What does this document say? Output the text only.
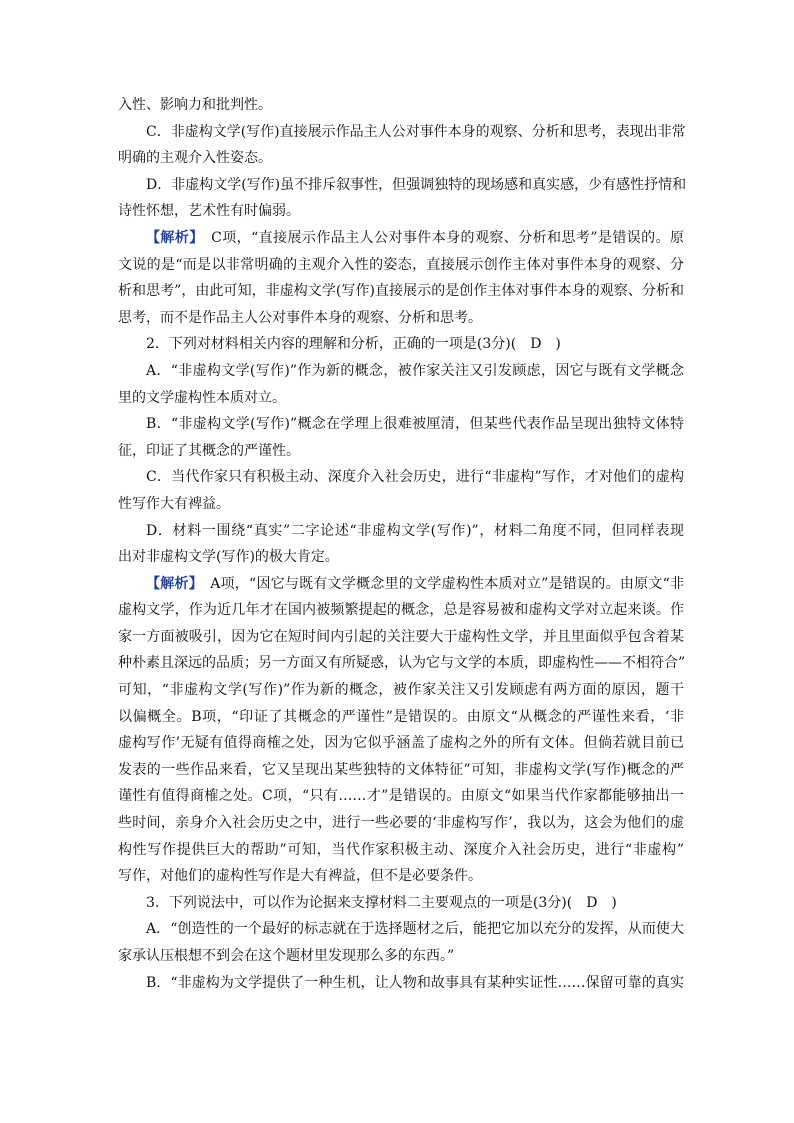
入性、影响力和批判性。
C．非虚构文学(写作)直接展示作品主人公对事件本身的观察、分析和思考，表现出非常
明确的主观介入性姿态。
D．非虚构文学(写作)虽不排斥叙事性，但强调独特的现场感和真实感，少有感性抒情和
诗性怀想，艺术性有时偏弱。
【解析】　C项，“直接展示作品主人公对事件本身的观察、分析和思考”是错误的。原
文说的是“而是以非常明确的主观介入性的姿态，直接展示创作主体对事件本身的观察、分
析和思考”，由此可知，非虚构文学(写作)直接展示的是创作主体对事件本身的观察、分析和
思考，而不是作品主人公对事件本身的观察、分析和思考。
2．下列对材料相关内容的理解和分析，正确的一项是(3分)(　D　)
A．“非虚构文学(写作)”作为新的概念，被作家关注又引发顾虑，因它与既有文学概念
里的文学虚构性本质对立。
B．“非虚构文学(写作)”概念在学理上很难被厘清，但某些代表作品呈现出独特文体特
征，印证了其概念的严谨性。
C．当代作家只有积极主动、深度介入社会历史，进行“非虚构”写作，才对他们的虚构
性写作大有裨益。
D．材料一围绕“真实”二字论述“非虚构文学(写作)”，材料二角度不同，但同样表现
出对非虚构文学(写作)的极大肯定。
【解析】　A项，“因它与既有文学概念里的文学虚构性本质对立”是错误的。由原文“非
虚构文学，作为近几年才在国内被频繁提起的概念，总是容易被和虚构文学对立起来谈。作
家一方面被吸引，因为它在短时间内引起的关注要大于虚构性文学，并且里面似乎包含着某
种朴素且深远的品质；另一方面又有所疑惑，认为它与文学的本质，即虚构性——不相符合”
可知，“非虚构文学(写作)”作为新的概念，被作家关注又引发顾虑有两方面的原因，题干
以偏概全。B项，“印证了其概念的严谨性”是错误的。由原文“从概念的严谨性来看，‘非
虚构写作’无疑有值得商榷之处，因为它似乎涵盖了虚构之外的所有文体。但倘若就目前已
发表的一些作品来看，它又呈现出某些独特的文体特征”可知，非虚构文学(写作)概念的严
谨性有值得商榷之处。C项，“只有……才”是错误的。由原文“如果当代作家都能够抽出一
些时间，亲身介入社会历史之中，进行一些必要的‘非虚构写作’，我以为，这会为他们的虚
构性写作提供巨大的帮助”可知，当代作家积极主动、深度介入社会历史，进行“非虚构”
写作，对他们的虚构性写作是大有裨益，但不是必要条件。
3．下列说法中，可以作为论据来支撑材料二主要观点的一项是(3分)(　D　)
A．“创造性的一个最好的标志就在于选择题材之后，能把它加以充分的发挥，从而使大
家承认压根想不到会在这个题材里发现那么多的东西。”
B．“非虚构为文学提供了一种生机，让人物和故事具有某种实证性……保留可靠的真实
